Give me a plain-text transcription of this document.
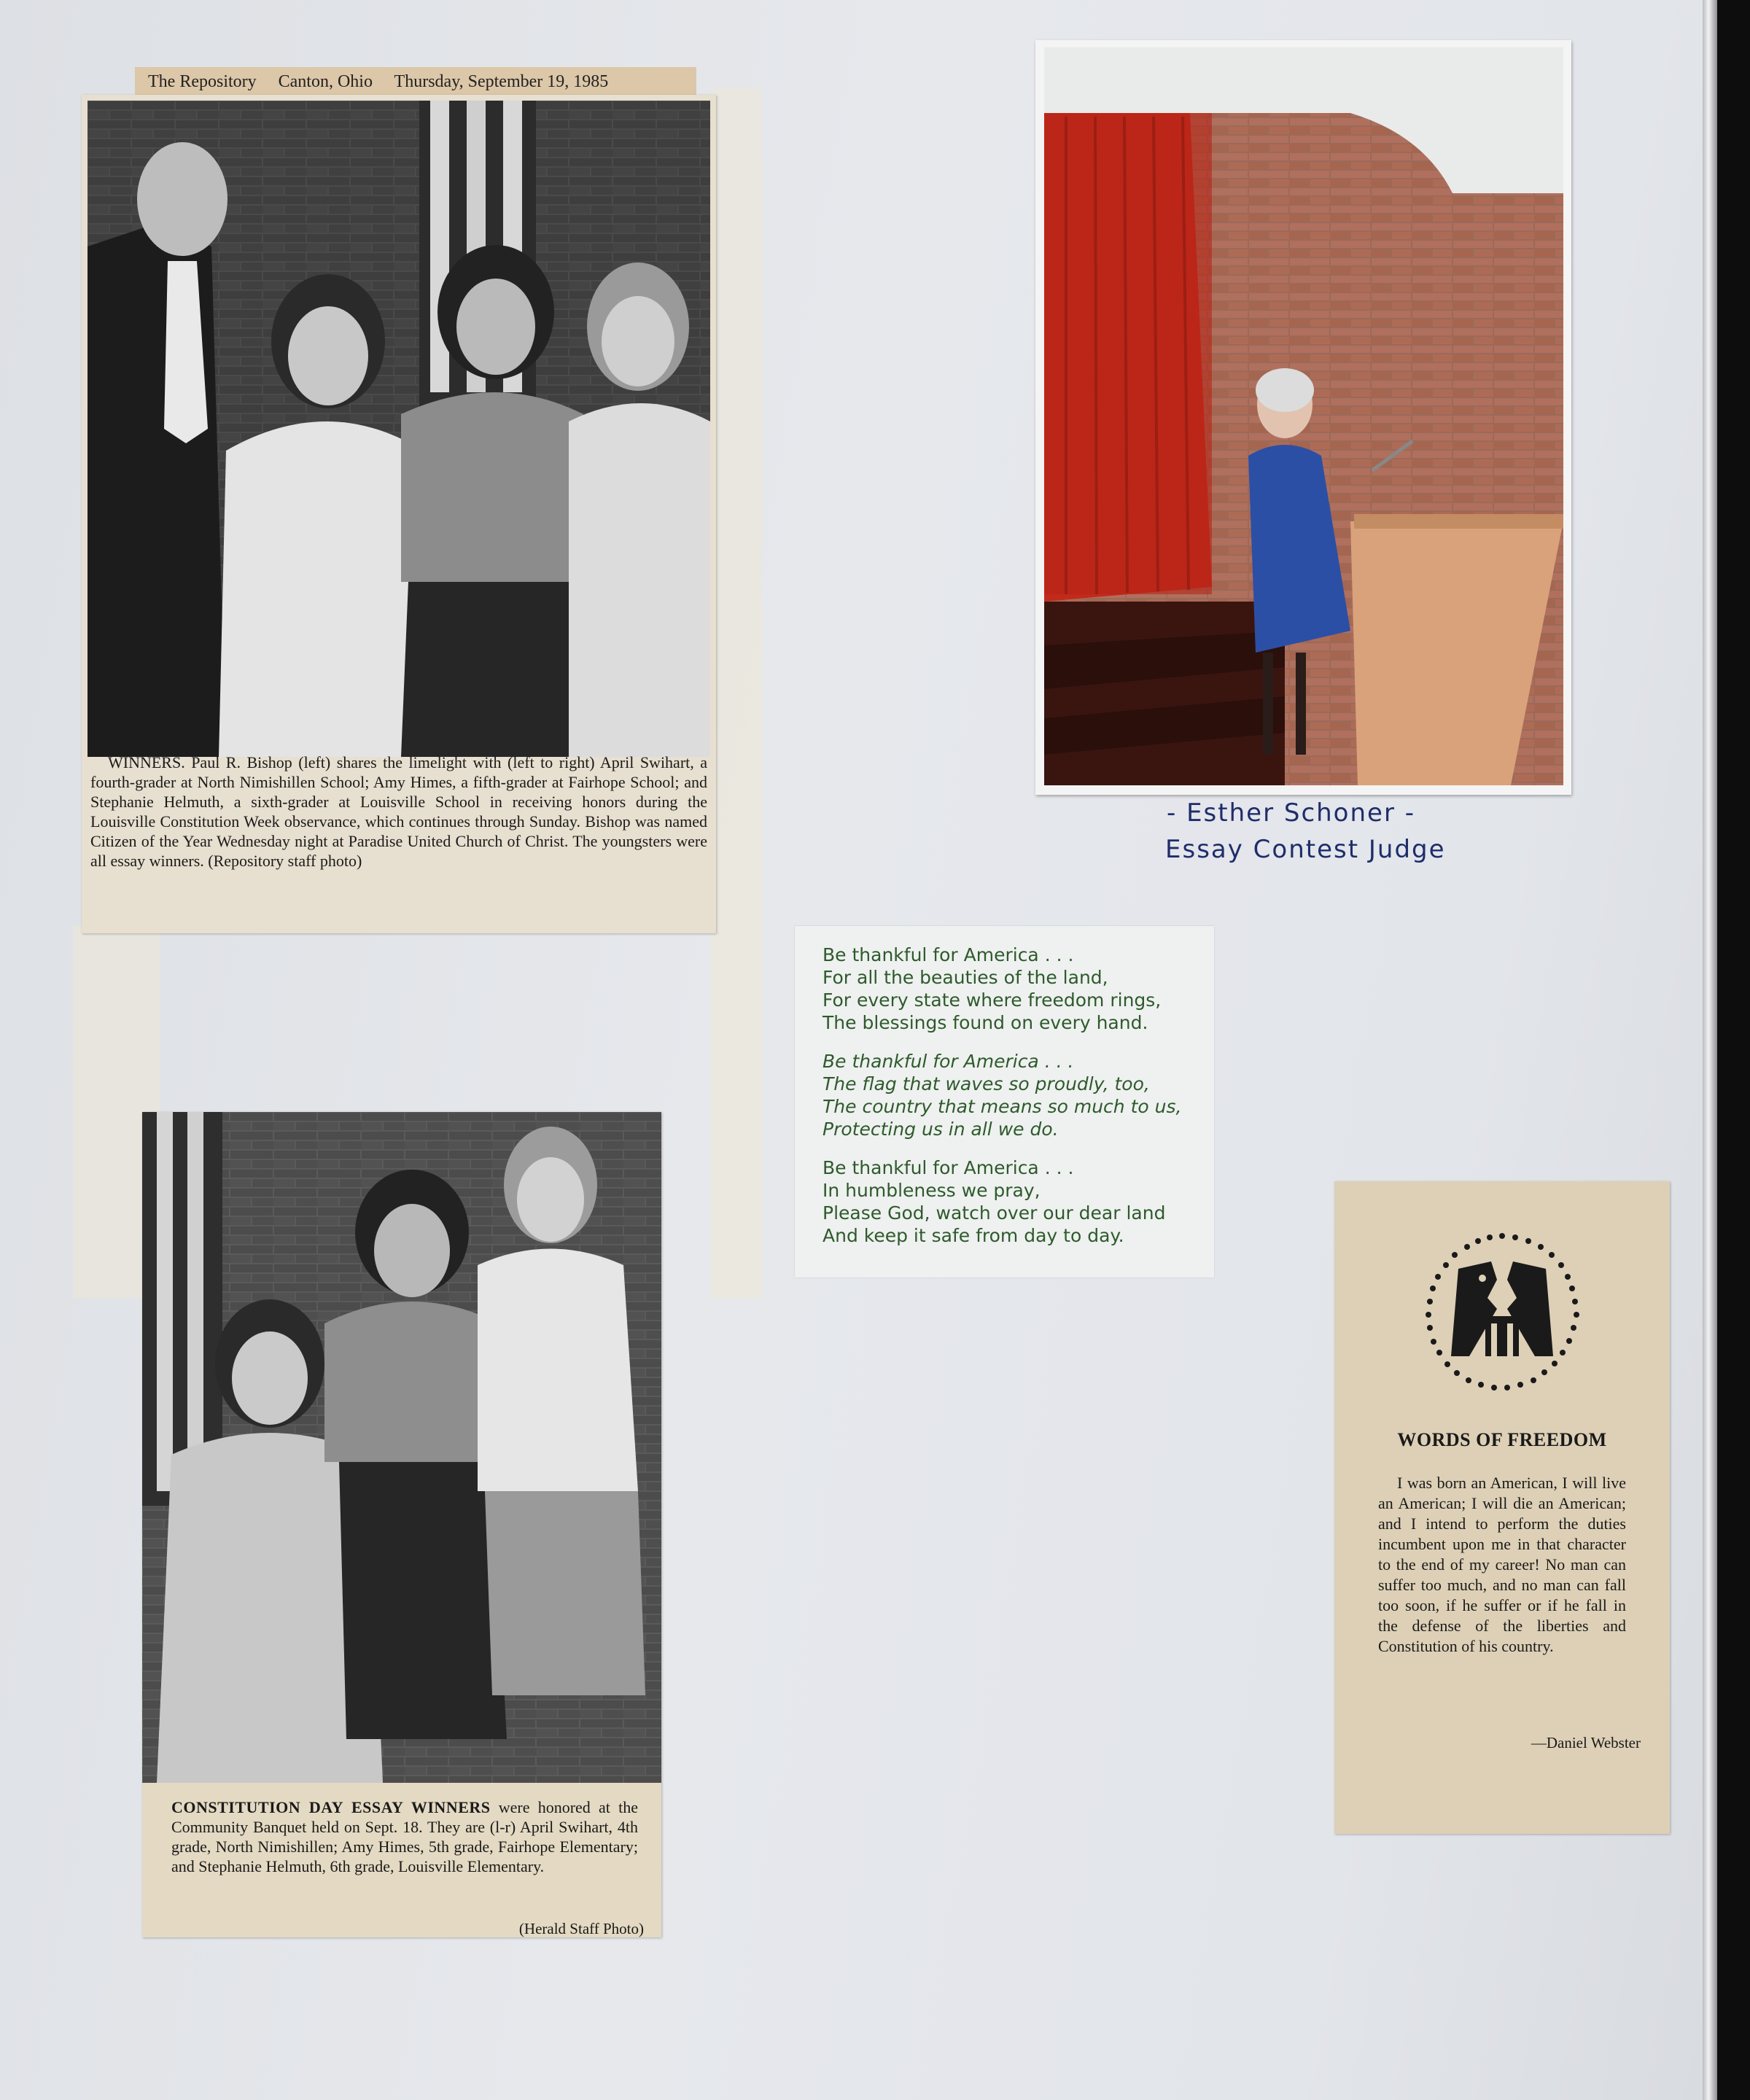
The Repository Canton, Ohio Thursday, September 19, 1985
WINNERS. Paul R. Bishop (left) shares the limelight with (left to right) April Swihart, a fourth-grader at North Nimishillen School; Amy Himes, a fifth-grader at Fairhope School; and Stephanie Helmuth, a sixth-grader at Louisville School in receiving honors during the Louisville Constitution Week observance, which continues through Sunday. Bishop was named Citizen of the Year Wednesday night at Paradise United Church of Christ. The youngsters were all essay winners. (Repository staff photo)
- Esther Schoner -
Essay Contest Judge
Be thankful for America . . .
For all the beauties of the land,
For every state where freedom rings,
The blessings found on every hand.
Be thankful for America . . .
The flag that waves so proudly, too,
The country that means so much to us,
Protecting us in all we do.
Be thankful for America . . .
In humbleness we pray,
Please God, watch over our dear land
And keep it safe from day to day.
CONSTITUTION DAY ESSAY WINNERS were honored at the Community Banquet held on Sept. 18. They are (l-r) April Swihart, 4th grade, North Nimishillen; Amy Himes, 5th grade, Fairhope Elementary; and Stephanie Helmuth, 6th grade, Louisville Elementary.
(Herald Staff Photo)
WORDS OF FREEDOM
I was born an American, I will live an American; I will die an American; and I intend to perform the duties incumbent upon me in that character to the end of my career! No man can suffer too much, and no man can fall too soon, if he suffer or if he fall in the defense of the liberties and Constitution of his country.
—Daniel Webster
